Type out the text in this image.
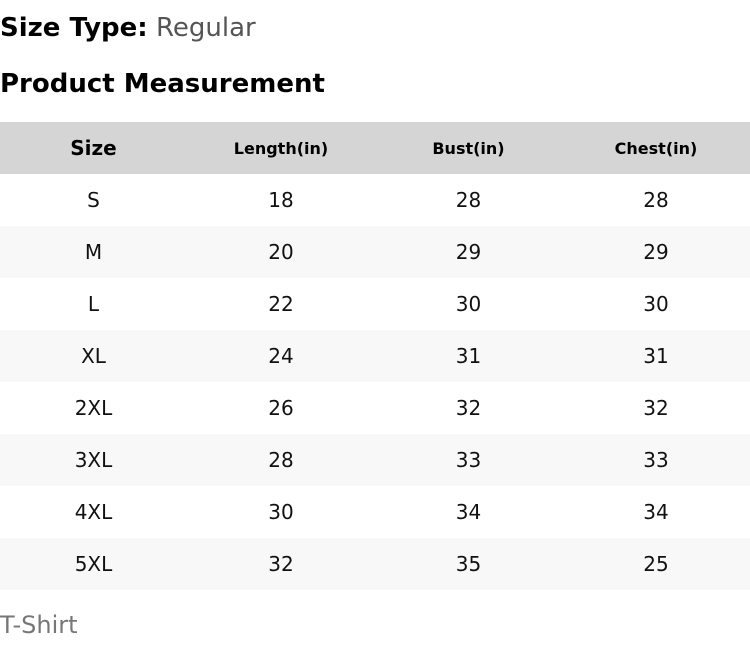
Size Type: Regular
Product Measurement
Size	Length(in)	Bust(in)	Chest(in)
S	18	28	28
M	20	29	29
L	22	30	30
XL	24	31	31
2XL	26	32	32
3XL	28	33	33
4XL	30	34	34
5XL	32	35	25
T-Shirt
